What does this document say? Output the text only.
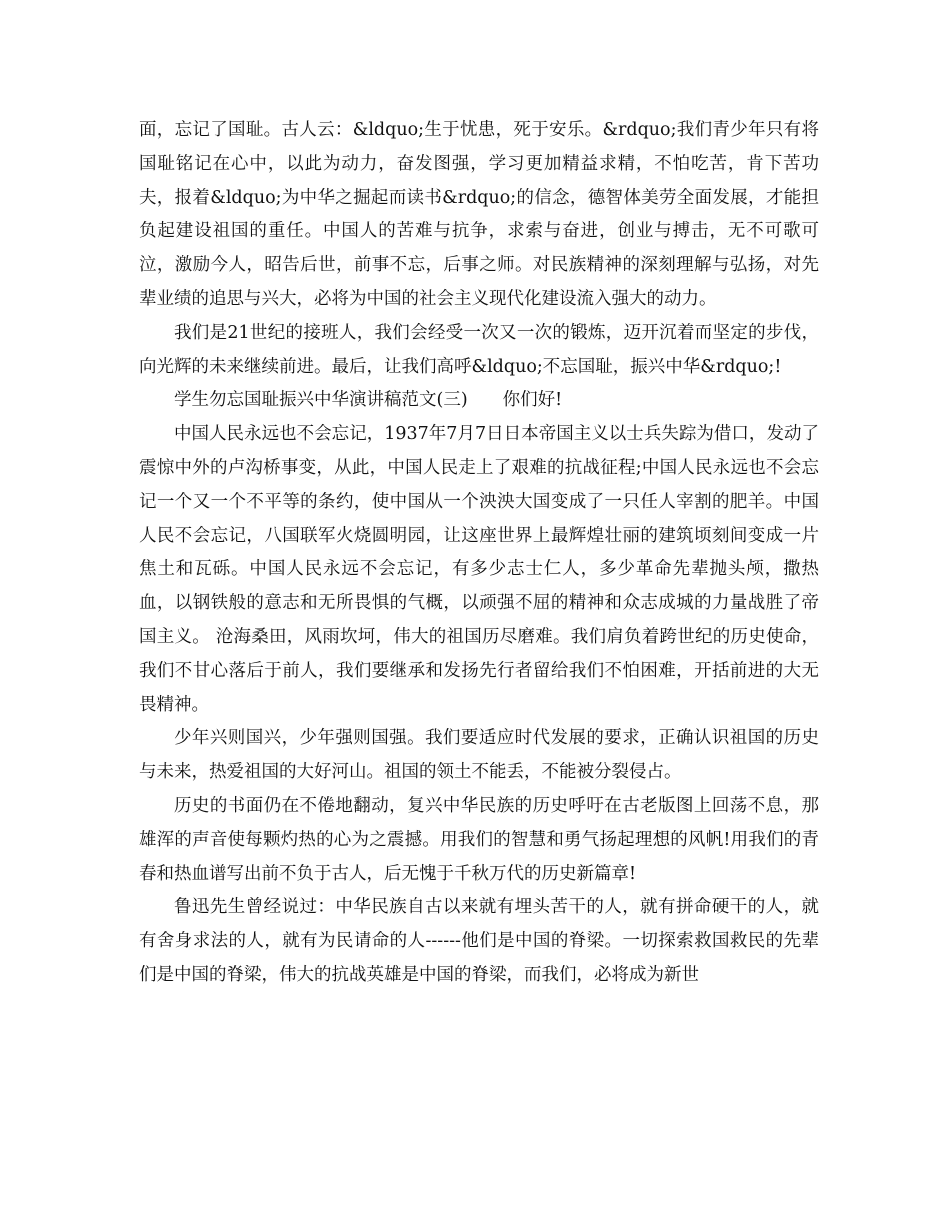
面，忘记了国耻。古人云：&ldquo;生于忧患，死于安乐。&rdquo;我们青少年只有将国耻铭记在心中，以此为动力，奋发图强，学习更加精益求精，不怕吃苦，肯下苦功夫，报着&ldquo;为中华之掘起而读书&rdquo;的信念，德智体美劳全面发展，才能担负起建设祖国的重任。中国人的苦难与抗争，求索与奋进，创业与搏击，无不可歌可泣，激励今人，昭告后世，前事不忘，后事之师。对民族精神的深刻理解与弘扬，对先辈业绩的追思与兴大，必将为中国的社会主义现代化建设流入强大的动力。

我们是21世纪的接班人，我们会经受一次又一次的锻炼，迈开沉着而坚定的步伐，向光辉的未来继续前进。最后，让我们高呼&ldquo;不忘国耻，振兴中华&rdquo;!

学生勿忘国耻振兴中华演讲稿范文(三)　　你们好!

中国人民永远也不会忘记，1937年7月7日日本帝国主义以士兵失踪为借口，发动了震惊中外的卢沟桥事变，从此，中国人民走上了艰难的抗战征程;中国人民永远也不会忘记一个又一个不平等的条约，使中国从一个泱泱大国变成了一只任人宰割的肥羊。中国人民不会忘记，八国联军火烧圆明园，让这座世界上最辉煌壮丽的建筑顷刻间变成一片焦土和瓦砾。中国人民永远不会忘记，有多少志士仁人，多少革命先辈抛头颅，撒热血，以钢铁般的意志和无所畏惧的气概，以顽强不屈的精神和众志成城的力量战胜了帝国主义。 沧海桑田，风雨坎坷，伟大的祖国历尽磨难。我们肩负着跨世纪的历史使命，我们不甘心落后于前人，我们要继承和发扬先行者留给我们不怕困难，开括前进的大无畏精神。

少年兴则国兴，少年强则国强。我们要适应时代发展的要求，正确认识祖国的历史与未来，热爱祖国的大好河山。祖国的领土不能丢，不能被分裂侵占。

历史的书面仍在不倦地翻动，复兴中华民族的历史呼吁在古老版图上回荡不息，那雄浑的声音使每颗灼热的心为之震撼。用我们的智慧和勇气扬起理想的风帆!用我们的青春和热血谱写出前不负于古人，后无愧于千秋万代的历史新篇章!

鲁迅先生曾经说过：中华民族自古以来就有埋头苦干的人，就有拼命硬干的人，就有舍身求法的人，就有为民请命的人------他们是中国的脊梁。一切探索救国救民的先辈们是中国的脊梁，伟大的抗战英雄是中国的脊梁，而我们，必将成为新世
